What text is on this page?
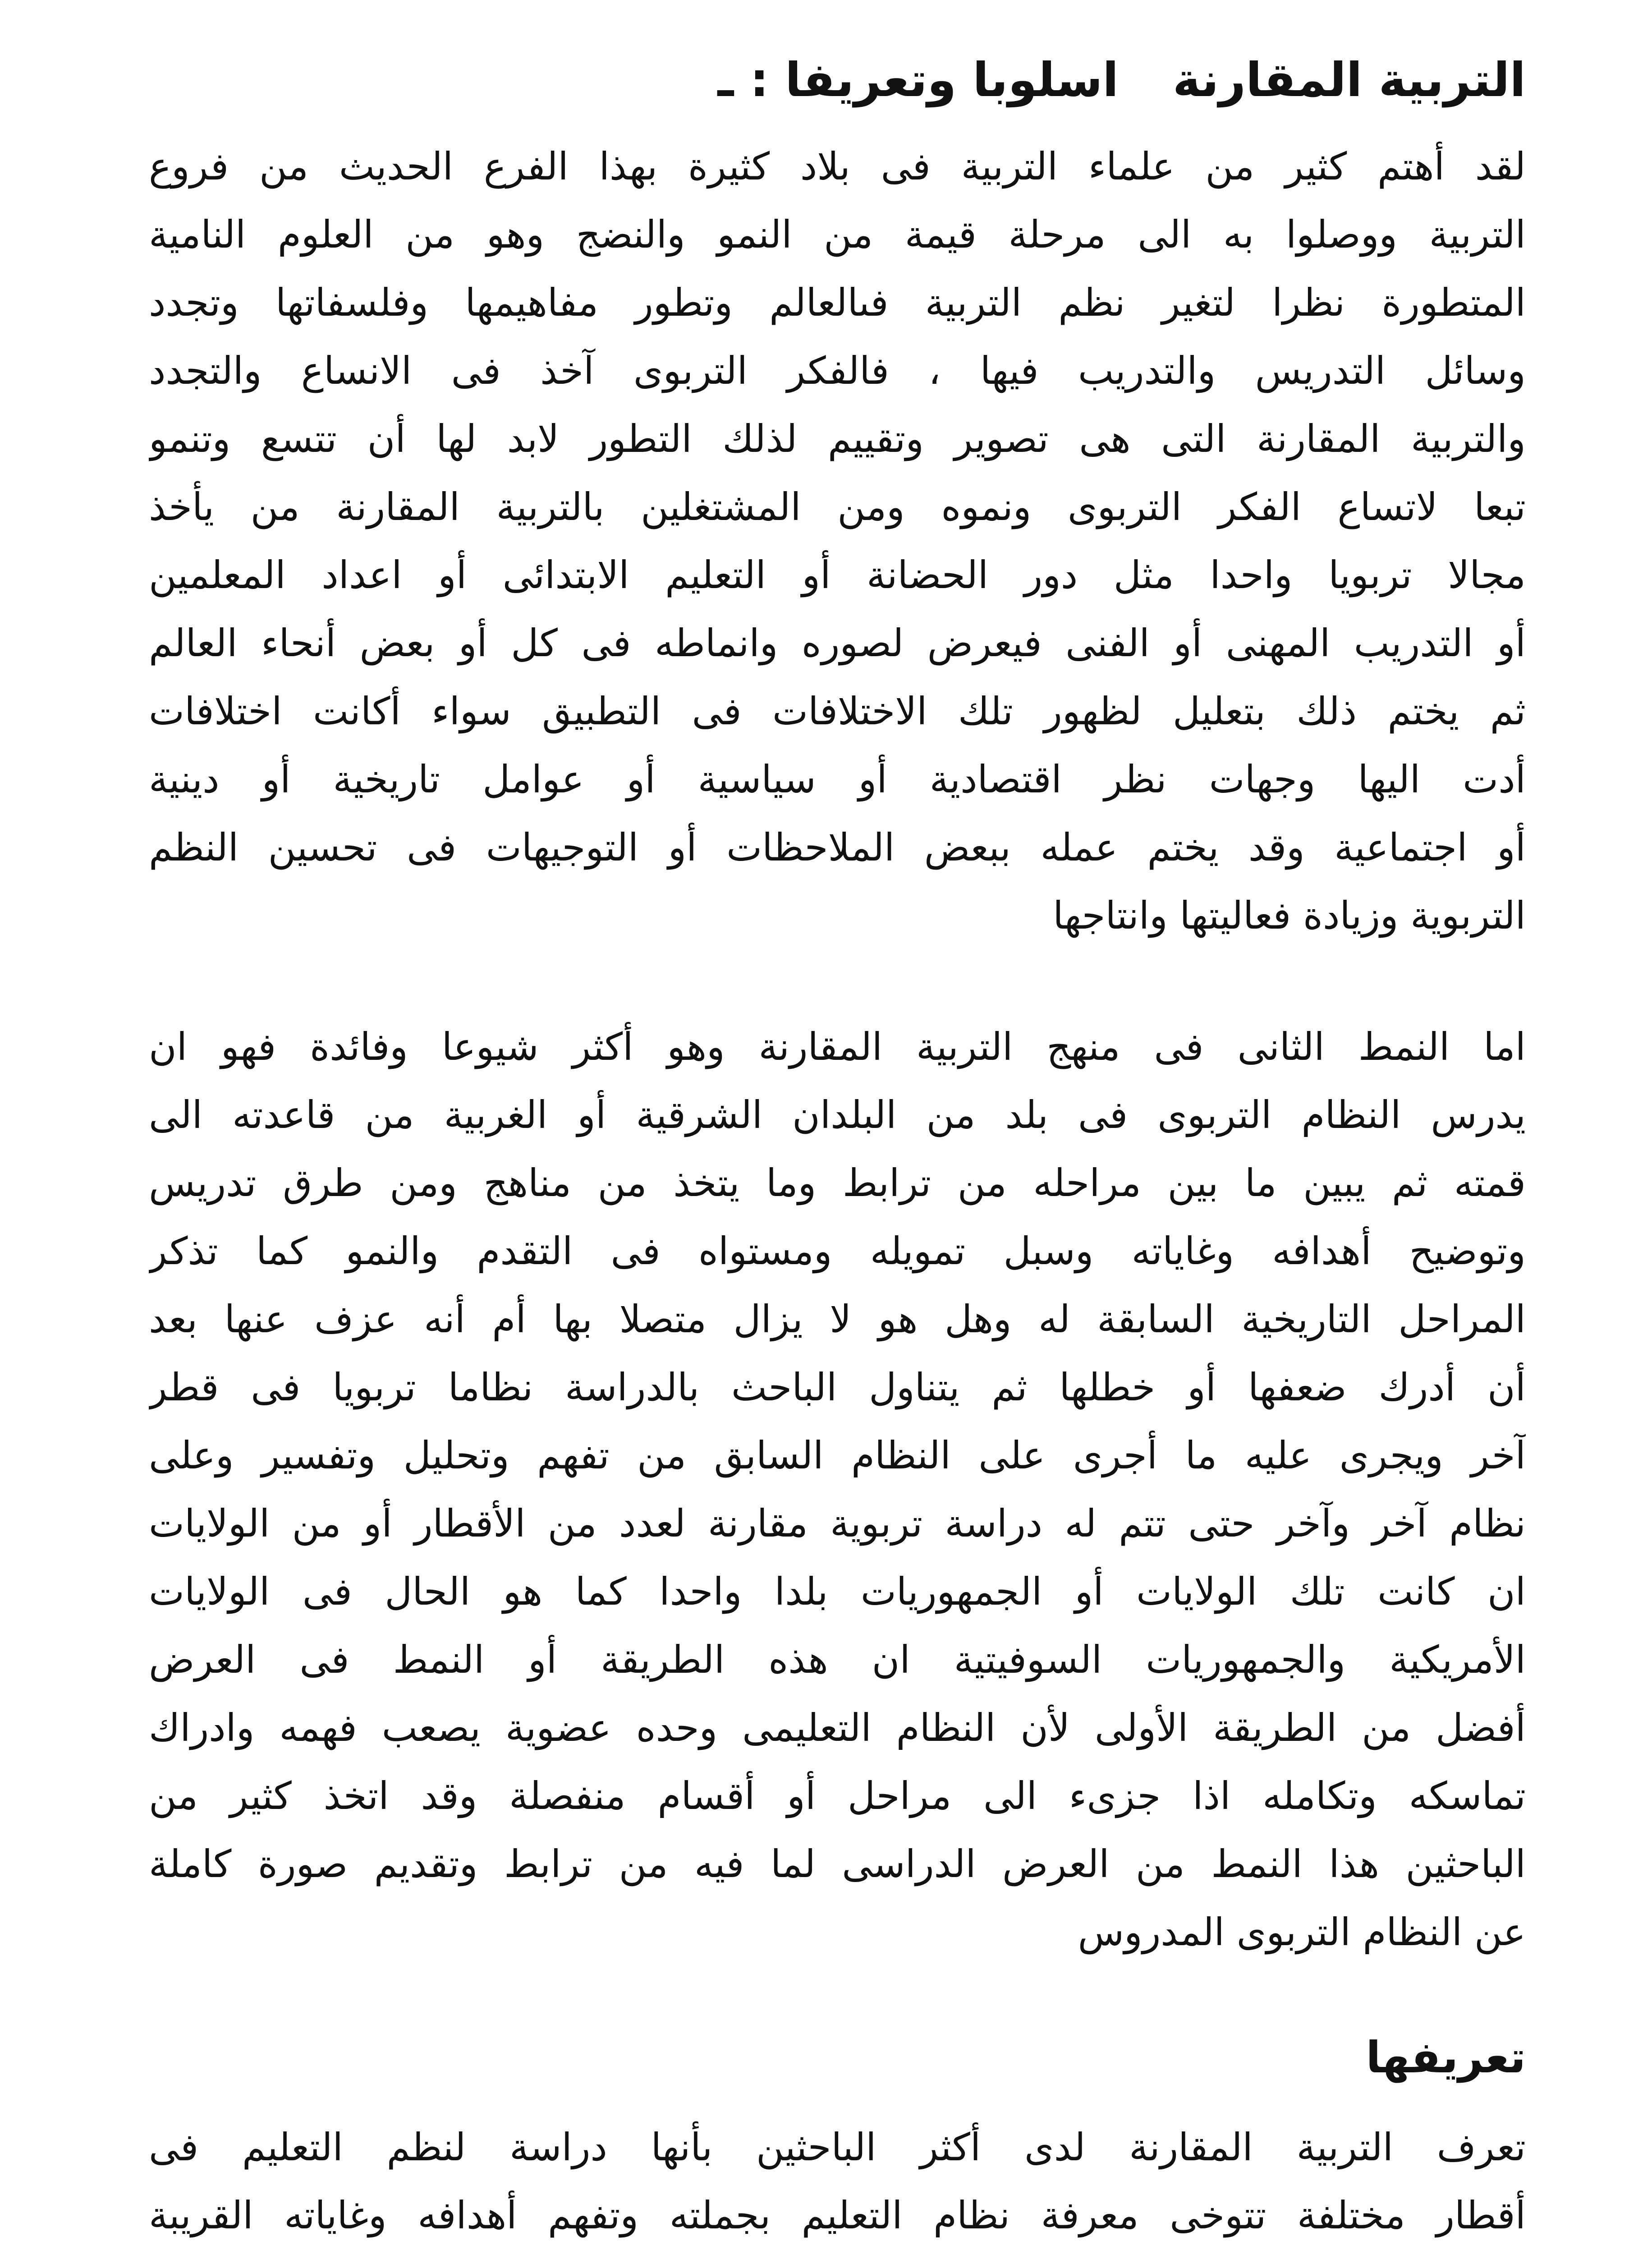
التربية المقارنةاسلوبا وتعريفا : ـ
لقد أهتم كثير من علماء التربية فى بلاد كثيرة بهذا الفرع الحديث من فروع
التربية ووصلوا به الى مرحلة قيمة من النمو والنضج وهو من العلوم النامية
المتطورة نظرا لتغير نظم التربية فىالعالم وتطور مفاهيمها وفلسفاتها وتجدد
وسائل التدريس والتدريب فيها ، فالفكر التربوى آخذ فى الانساع والتجدد
والتربية المقارنة التى هى تصوير وتقييم لذلك التطور لابد لها أن تتسع وتنمو
تبعا لاتساع الفكر التربوى ونموه ومن المشتغلين بالتربية المقارنة من يأخذ
مجالا تربويا واحدا مثل دور الحضانة أو التعليم الابتدائى أو اعداد المعلمين
أو التدريب المهنى أو الفنى فيعرض لصوره وانماطه فى كل أو بعض أنحاء العالم
ثم يختم ذلك بتعليل لظهور تلك الاختلافات فى التطبيق سواء أكانت اختلافات
أدت اليها وجهات نظر اقتصادية أو سياسية أو عوامل تاريخية أو دينية
أو اجتماعية وقد يختم عمله ببعض الملاحظات أو التوجيهات فى تحسين النظم
التربوية وزيادة فعاليتها وانتاجها
اما النمط الثانى فى منهج التربية المقارنة وهو أكثر شيوعا وفائدة فهو ان
يدرس النظام التربوى فى بلد من البلدان الشرقية أو الغربية من قاعدته الى
قمته ثم يبين ما بين مراحله من ترابط وما يتخذ من مناهج ومن طرق تدريس
وتوضيح أهدافه وغاياته وسبل تمويله ومستواه فى التقدم والنمو كما تذكر
المراحل التاريخية السابقة له وهل هو لا يزال متصلا بها أم أنه عزف عنها بعد
أن أدرك ضعفها أو خطلها ثم يتناول الباحث بالدراسة نظاما تربويا فى قطر
آخر ويجرى عليه ما أجرى على النظام السابق من تفهم وتحليل وتفسير وعلى
نظام آخر وآخر حتى تتم له دراسة تربوية مقارنة لعدد من الأقطار أو من الولايات
ان كانت تلك الولايات أو الجمهوريات بلدا واحدا كما هو الحال فى الولايات
الأمريكية والجمهوريات السوفيتية ان هذه الطريقة أو النمط فى العرض
أفضل من الطريقة الأولى لأن النظام التعليمى وحده عضوية يصعب فهمه وادراك
تماسكه وتكامله اذا جزىء الى مراحل أو أقسام منفصلة وقد اتخذ كثير من
الباحثين هذا النمط من العرض الدراسى لما فيه من ترابط وتقديم صورة كاملة
عن النظام التربوى المدروس
تعريفها
تعرف التربية المقارنة لدى أكثر الباحثين بأنها دراسة لنظم التعليم فى
أقطار مختلفة تتوخى معرفة نظام التعليم بجملته وتفهم أهدافه وغاياته القريبة
